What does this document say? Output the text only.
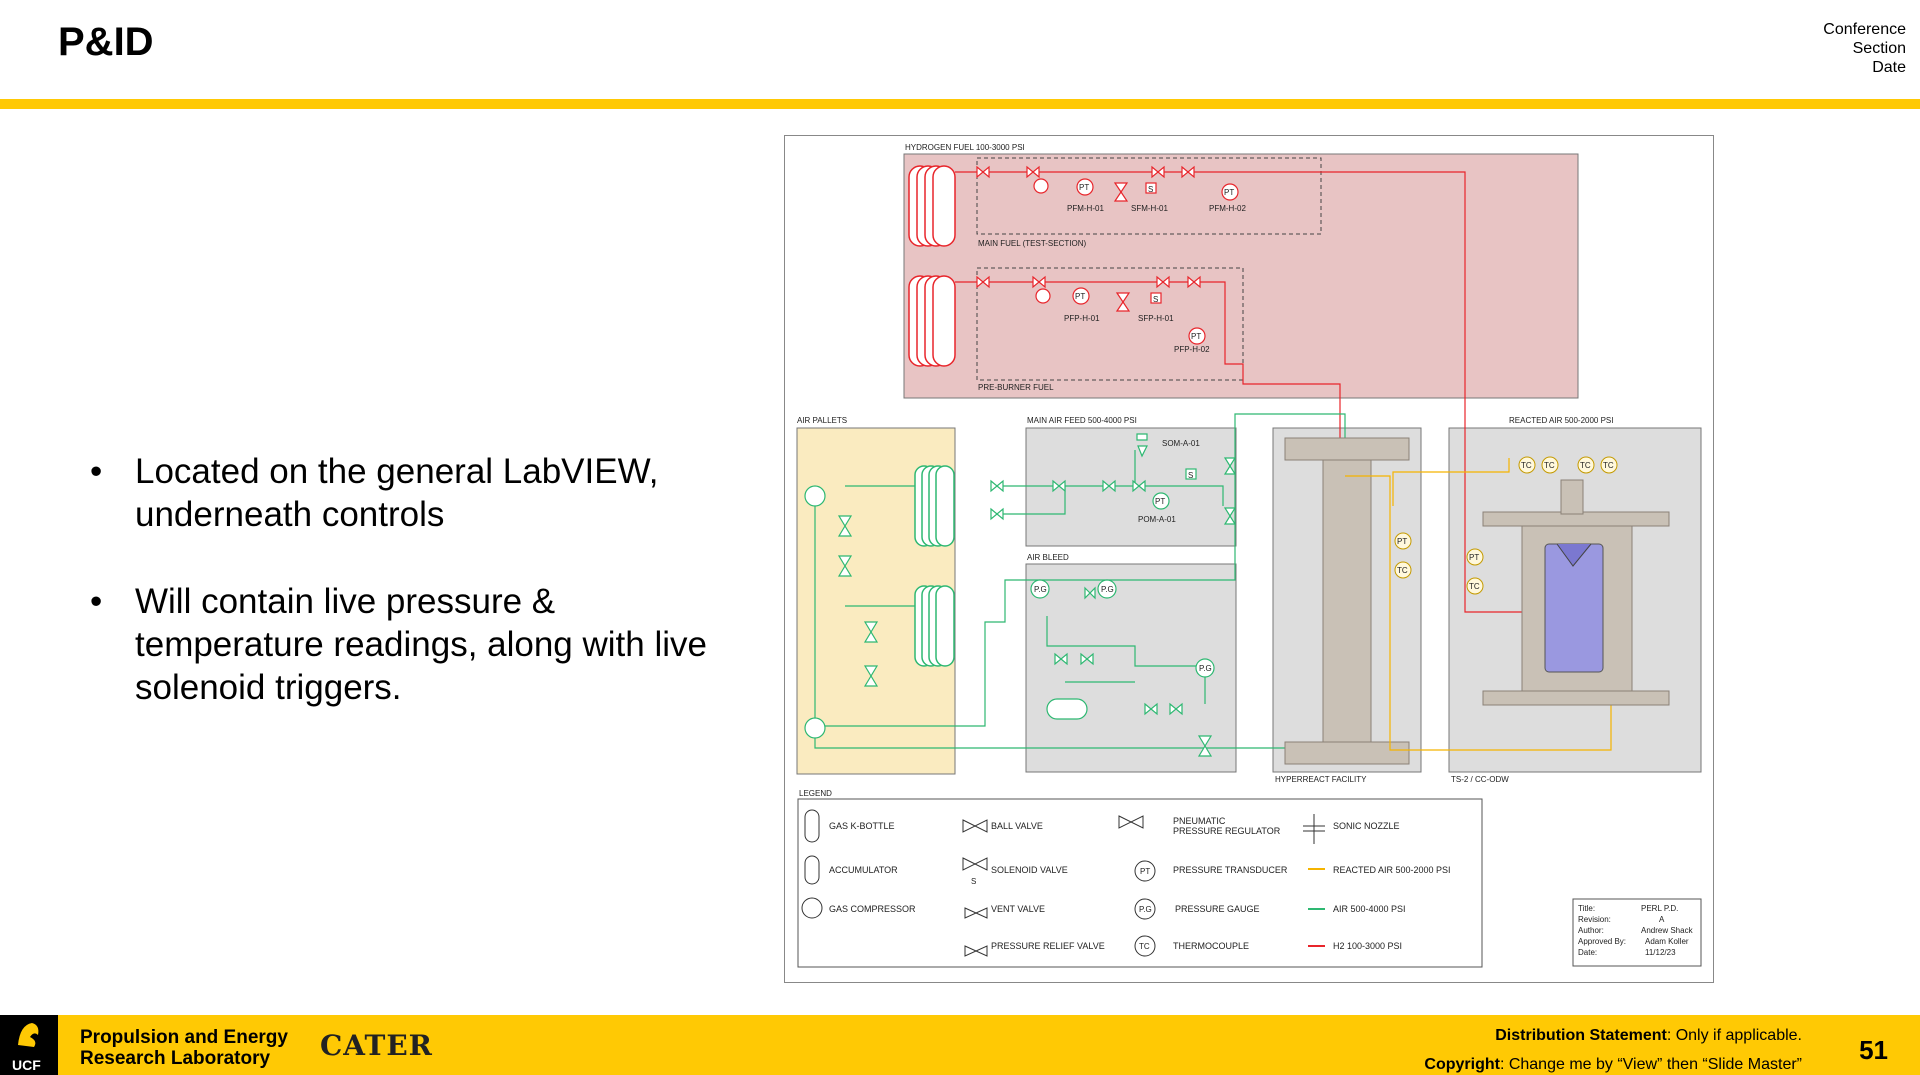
P&ID	Conference
Section
Date
• Located on the general LabVIEW, underneath controls
• Will contain live pressure & temperature readings, along with live solenoid triggers.
HYDROGEN FUEL 100-3000 PSI
MAIN FUEL (TEST-SECTION)
PRE-BURNER FUEL
AIR PALLETS	MAIN AIR FEED 500-4000 PSI
AIR BLEED
REACTED AIR 500-2000 PSI
HYPERREACT FACILITY	TS-2 / CC-ODW
PT
PT
S
PT
PT
S
PFM-H-01	SFM-H-01	PFM-H-02
PFP-H-01	SFP-H-01
PFP-H-02
PT
P.G	P.G
P.G
S
SOM-A-01
POM-A-01
PT
TC
TC TC	TC TC
PT
TC
LEGEND
PT
P.G
TC
S
GAS K-BOTTLE
ACCUMULATOR
GAS COMPRESSOR
BALL VALVE
SOLENOID VALVE
VENT VALVE
PRESSURE RELIEF VALVE
PNEUMATIC
PRESSURE REGULATOR
PRESSURE TRANSDUCER
PRESSURE GAUGE
THERMOCOUPLE
SONIC NOZZLE
REACTED AIR 500-2000 PSI
AIR 500-4000 PSI
H2 100-3000 PSI
Title:	PERL P.D.
Revision:	A
Author:	Andrew Shack
Approved By: Adam Koller
Date:	11/12/23
UCF
Propulsion and Energy
Research Laboratory	CATER	Distribution Statement: Only if applicable.
Copyright: Change me by “View” then “Slide Master” 51
